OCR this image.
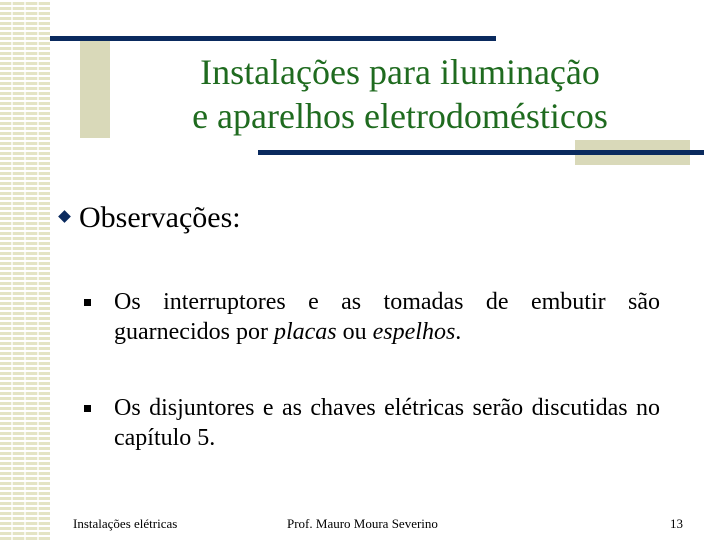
Instalações para iluminação
e aparelhos eletrodomésticos
Observações:
Os interruptores e as tomadas de embutir são guarnecidos por placas ou espelhos.
Os disjuntores e as chaves elétricas serão discutidas no capítulo 5.
Instalações elétricas	Prof. Mauro Moura Severino	13
